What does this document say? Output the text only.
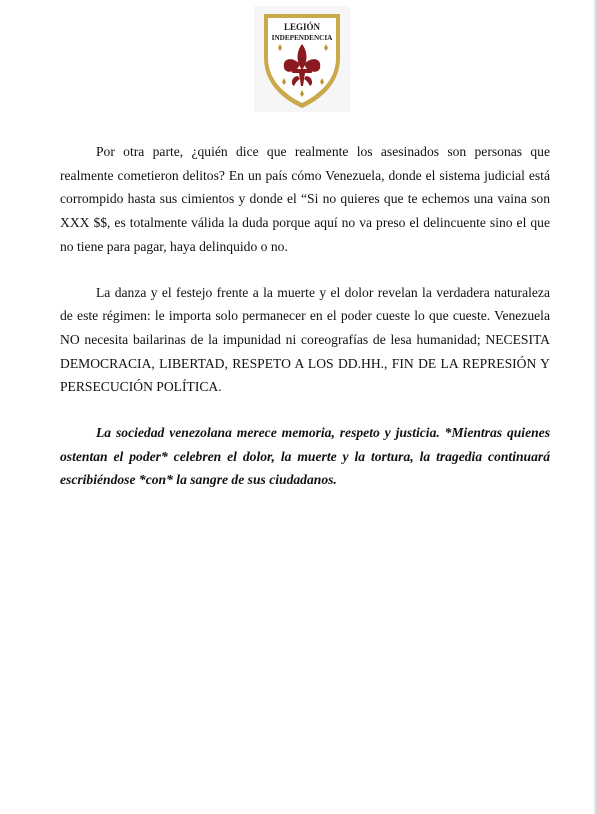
LEGIÓN
INDEPENDENCIA

Por otra parte, ¿quién dice que realmente los asesinados son personas que realmente cometieron delitos? En un país cómo Venezuela, donde el sistema judicial está corrompido hasta sus cimientos y donde el “Si no quieres que te echemos una vaina son XXX $$, es totalmente válida la duda porque aquí no va preso el delincuente sino el que no tiene para pagar, haya delinquido o no.

La danza y el festejo frente a la muerte y el dolor revelan la verdadera naturaleza de este régimen: le importa solo permanecer en el poder cueste lo que cueste. Venezuela NO necesita bailarinas de la impunidad ni coreografías de lesa humanidad; NECESITA DEMOCRACIA, LIBERTAD, RESPETO A LOS DD.HH., FIN DE LA REPRESIÓN Y PERSECUCIÓN POLÍTICA.

La sociedad venezolana merece memoria, respeto y justicia. *Mientras quienes ostentan el poder* celebren el dolor, la muerte y la tortura, la tragedia continuará escribiéndose *con* la sangre de sus ciudadanos.
